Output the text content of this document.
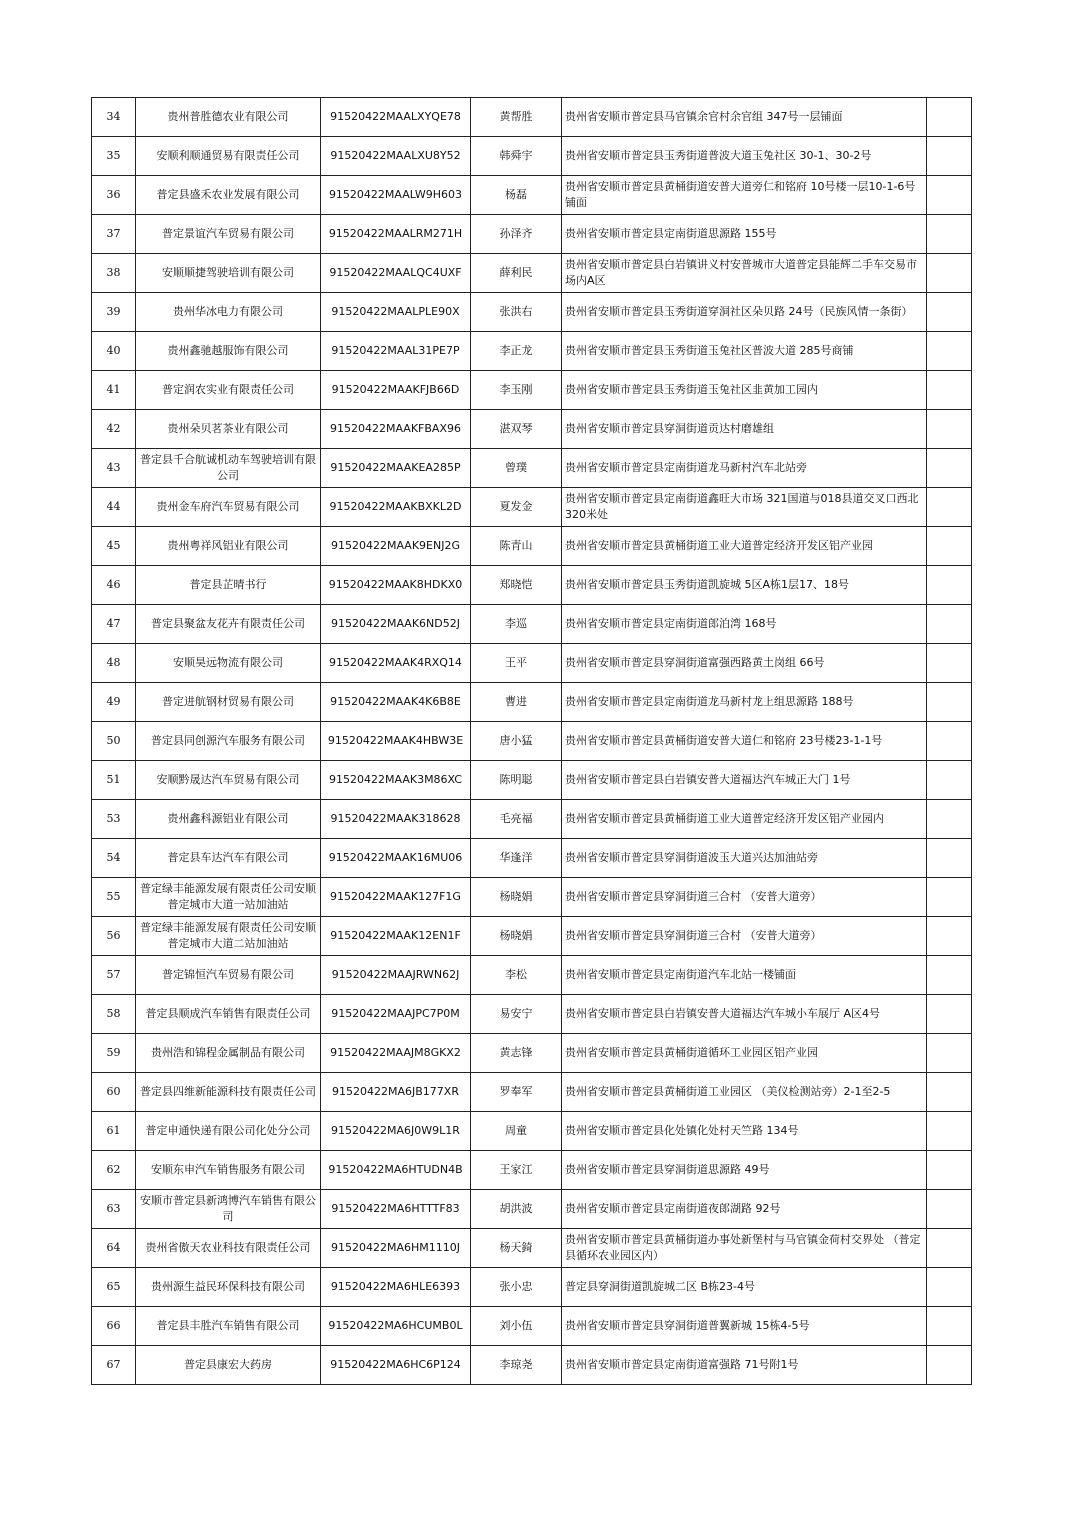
34	贵州普胜德农业有限公司	91520422MAALXYQE78	黄帮胜	贵州省安顺市普定县马官镇余官村余官组 347号一层铺面	
35	安顺利顺通贸易有限责任公司	91520422MAALXU8Y52	韩舜宇	贵州省安顺市普定县玉秀街道普波大道玉兔社区 30-1、30-2号	
36	普定县盛禾农业发展有限公司	91520422MAALW9H603	杨磊	贵州省安顺市普定县黄桶街道安普大道旁仁和铭府 10号楼一层10-1-6号铺面	
37	普定景谊汽车贸易有限公司	91520422MAALRM271H	孙泽齐	贵州省安顺市普定县定南街道思源路 155号	
38	安顺顺捷驾驶培训有限公司	91520422MAALQC4UXF	薛利民	贵州省安顺市普定县白岩镇讲义村安普城市大道普定县能辉二手车交易市场内A区	
39	贵州华冰电力有限公司	91520422MAALPLE90X	张洪右	贵州省安顺市普定县玉秀街道穿洞社区朵贝路 24号（民族风情一条街）	
40	贵州鑫驰越服饰有限公司	91520422MAAL31PE7P	李正龙	贵州省安顺市普定县玉秀街道玉兔社区普波大道 285号商铺	
41	普定润农实业有限责任公司	91520422MAAKFJB66D	李玉刚	贵州省安顺市普定县玉秀街道玉兔社区韭黄加工园内	
42	贵州朵贝茗茶业有限公司	91520422MAAKFBAX96	湛双琴	贵州省安顺市普定县穿洞街道贡达村磨雄组	
43	普定县千合航诚机动车驾驶培训有限公司	91520422MAAKEA285P	曾璞	贵州省安顺市普定县定南街道龙马新村汽车北站旁	
44	贵州金车府汽车贸易有限公司	91520422MAAKBXKL2D	夏发金	贵州省安顺市普定县定南街道鑫旺大市场 321国道与018县道交叉口西北320米处	
45	贵州粤祥风铝业有限公司	91520422MAAK9ENJ2G	陈青山	贵州省安顺市普定县黄桶街道工业大道普定经济开发区铝产业园	
46	普定县芷晴书行	91520422MAAK8HDKX0	郑晓恺	贵州省安顺市普定县玉秀街道凯旋城 5区A栋1层17、18号	
47	普定县聚盆友花卉有限责任公司	91520422MAAK6ND52J	李巡	贵州省安顺市普定县定南街道郎泊湾 168号	
48	安顺昊远物流有限公司	91520422MAAK4RXQ14	王平	贵州省安顺市普定县穿洞街道富强西路黄土岗组 66号	
49	普定进航钢材贸易有限公司	91520422MAAK4K6B8E	曹进	贵州省安顺市普定县定南街道龙马新村龙上组思源路 188号	
50	普定县同创源汽车服务有限公司	91520422MAAK4HBW3E	唐小猛	贵州省安顺市普定县黄桶街道安普大道仁和铭府 23号楼23-1-1号	
51	安顺黔晟达汽车贸易有限公司	91520422MAAK3M86XC	陈明聪	贵州省安顺市普定县白岩镇安普大道福达汽车城正大门 1号	
53	贵州鑫科源铝业有限公司	91520422MAAK318628	毛亮福	贵州省安顺市普定县黄桶街道工业大道普定经济开发区铝产业园内	
54	普定县车达汽车有限公司	91520422MAAK16MU06	华逢洋	贵州省安顺市普定县穿洞街道波玉大道兴达加油站旁	
55	普定绿丰能源发展有限责任公司安顺普定城市大道一站加油站	91520422MAAK127F1G	杨晓娟	贵州省安顺市普定县穿洞街道三合村 （安普大道旁）	
56	普定绿丰能源发展有限责任公司安顺普定城市大道二站加油站	91520422MAAK12EN1F	杨晓娟	贵州省安顺市普定县穿洞街道三合村 （安普大道旁）	
57	普定锦恒汽车贸易有限公司	91520422MAAJRWN62J	李松	贵州省安顺市普定县定南街道汽车北站一楼铺面	
58	普定县顺成汽车销售有限责任公司	91520422MAAJPC7P0M	易安宁	贵州省安顺市普定县白岩镇安普大道福达汽车城小车展厅 A区4号	
59	贵州浩和锦程金属制品有限公司	91520422MAAJM8GKX2	黄志锋	贵州省安顺市普定县黄桶街道循环工业园区铝产业园	
60	普定县四维新能源科技有限责任公司	91520422MA6JB177XR	罗奉军	贵州省安顺市普定县黄桶街道工业园区 （美仪检测站旁）2-1至2-5	
61	普定申通快递有限公司化处分公司	91520422MA6J0W9L1R	周童	贵州省安顺市普定县化处镇化处村天竺路 134号	
62	安顺东申汽车销售服务有限公司	91520422MA6HTUDN4B	王家江	贵州省安顺市普定县穿洞街道思源路 49号	
63	安顺市普定县新鸿博汽车销售有限公司	91520422MA6HTTTF83	胡洪波	贵州省安顺市普定县定南街道夜郎湖路 92号	
64	贵州省傲天农业科技有限责任公司	91520422MA6HM1110J	杨天錡	贵州省安顺市普定县黄桶街道办事处新堡村与马官镇金荷村交界处 （普定县循环农业园区内）	
65	贵州源生益民环保科技有限公司	91520422MA6HLE6393	张小忠	普定县穿洞街道凯旋城二区 B栋23-4号	
66	普定县丰胜汽车销售有限公司	91520422MA6HCUMB0L	刘小伍	贵州省安顺市普定县穿洞街道普翼新城 15栋4-5号	
67	普定县康宏大药房	91520422MA6HC6P124	李琼尧	贵州省安顺市普定县定南街道富强路 71号附1号	
